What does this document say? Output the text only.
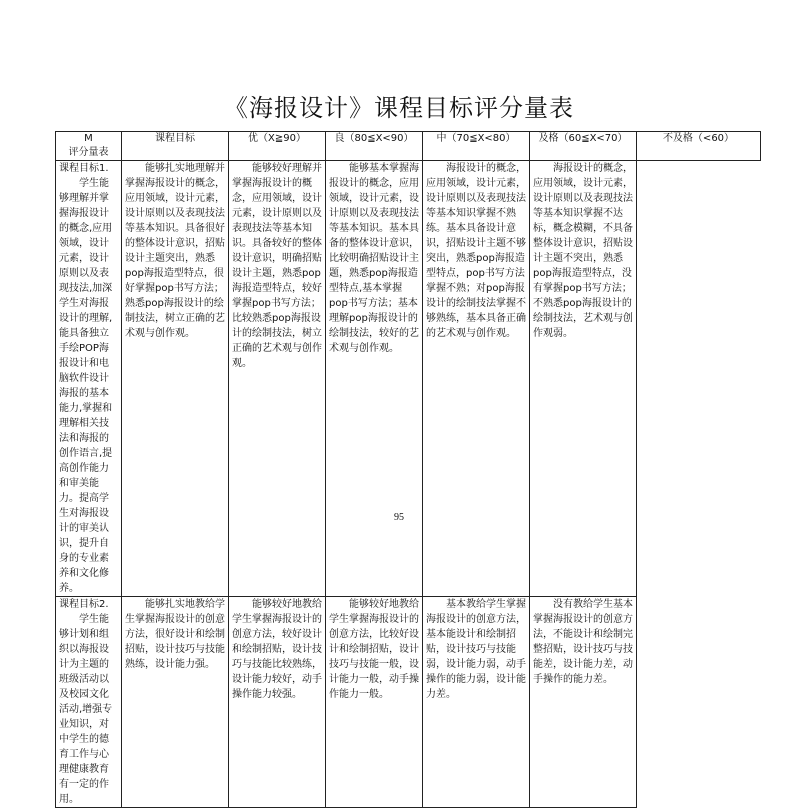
《海报设计》课程目标评分量表
M
评分量表	课程目标	优（X≧90）	良（80≦X<90）	中（70≦X<80）	及格（60≦X<70）	不及格（<60）

课程目标1.
学生能够理解并掌握海报设计的概念,应用领域，设计元素，设计原则以及表现技法,加深学生对海报设计的理解,能具备独立手绘POP海报设计和电脑软件设计海报的基本能力,掌握和理解相关技法和海报的创作语言,提高创作能力和审美能力。提高学生对海报设计的审美认识，提升自身的专业素养和文化修养。	能够扎实地理解并掌握海报设计的概念，应用领域，设计元素，设计原则以及表现技法等基本知识。具备很好的整体设计意识，招贴设计主题突出，熟悉pop海报造型特点，很好掌握pop书写方法；熟悉pop海报设计的绘制技法，树立正确的艺术观与创作观。	能够较好理解并掌握海报设计的概念，应用领域，设计元素，设计原则以及表现技法等基本知识。具备较好的整体设计意识，明确招贴设计主题，熟悉pop海报造型特点，较好掌握pop书写方法；比较熟悉pop海报设计的绘制技法，树立正确的艺术观与创作观。	能够基本掌握海报设计的概念，应用领域，设计元素，设计原则以及表现技法等基本知识。基本具备的整体设计意识，比较明确招贴设计主题，熟悉pop海报造型特点,基本掌握pop书写方法；基本理解pop海报设计的绘制技法，较好的艺术观与创作观。	海报设计的概念，应用领域，设计元素，设计原则以及表现技法等基本知识掌握不熟练。基本具备设计意识，招贴设计主题不够突出，熟悉pop海报造型特点，pop书写方法掌握不熟；对pop海报设计的绘制技法掌握不够熟练，基本具备正确的艺术观与创作观。	海报设计的概念，应用领域，设计元素，设计原则以及表现技法等基本知识掌握不达标，概念模糊，不具备整体设计意识，招贴设计主题不突出，熟悉pop海报造型特点，没有掌握pop书写方法；不熟悉pop海报设计的绘制技法，艺术观与创作观弱。	

课程目标2.
学生能够计划和组织以海报设计为主题的班级活动以及校园文化活动,增强专业知识，对中学生的德育工作与心理健康教育有一定的作用。	能够扎实地教给学生掌握海报设计的创意方法，很好设计和绘制招贴，设计技巧与技能熟练，设计能力强。	能够较好地教给学生掌握海报设计的创意方法，较好设计和绘制招贴，设计技巧与技能比较熟练，设计能力较好，动手操作能力较强。	能够较好地教给学生掌握海报设计的创意方法，比较好设计和绘制招贴，设计技巧与技能一般，设计能力一般，动手操作能力一般。	基本教给学生掌握海报设计的创意方法，基本能设计和绘制招贴，设计技巧与技能弱，设计能力弱，动手操作的能力弱，设计能力差。	没有教给学生基本掌握海报设计的创意方法，不能设计和绘制完整招贴，设计技巧与技能差，设计能力差，动手操作的能力差。	
95
